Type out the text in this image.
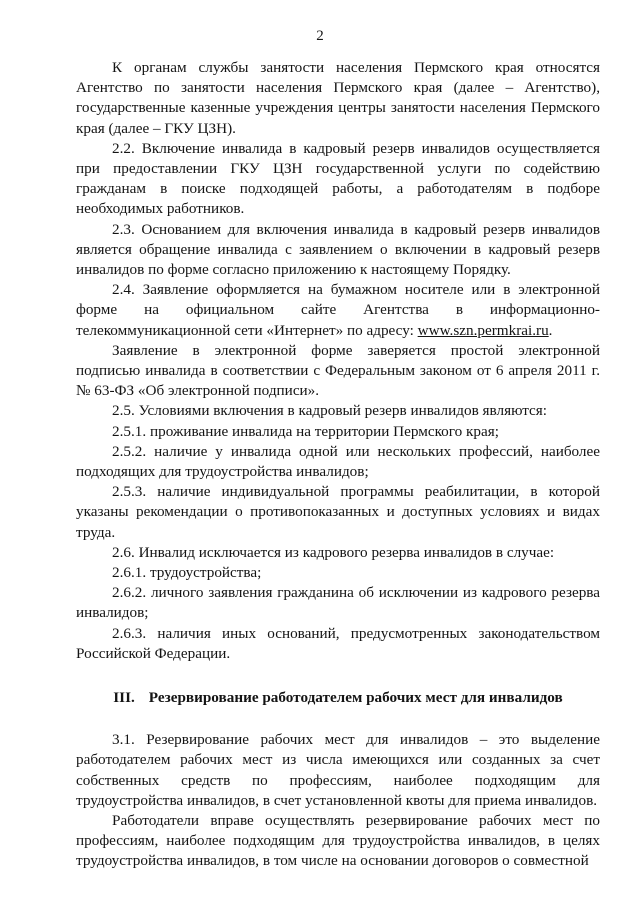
2

К органам службы занятости населения Пермского края относятся Агентство по занятости населения Пермского края (далее – Агентство), государственные казенные учреждения центры занятости населения Пермского края (далее – ГКУ ЦЗН).

2.2. Включение инвалида в кадровый резерв инвалидов осуществляется при предоставлении ГКУ ЦЗН государственной услуги по содействию гражданам в поиске подходящей работы, а работодателям в подборе необходимых работников.

2.3. Основанием для включения инвалида в кадровый резерв инвалидов является обращение инвалида с заявлением о включении в кадровый резерв инвалидов по форме согласно приложению к настоящему Порядку.

2.4. Заявление оформляется на бумажном носителе или в электронной форме на официальном сайте Агентства в информационно-телекоммуникационной сети «Интернет» по адресу: www.szn.permkrai.ru.

Заявление в электронной форме заверяется простой электронной подписью инвалида в соответствии с Федеральным законом от 6 апреля 2011 г. № 63-ФЗ «Об электронной подписи».

2.5. Условиями включения в кадровый резерв инвалидов являются:

2.5.1. проживание инвалида на территории Пермского края;

2.5.2. наличие у инвалида одной или нескольких профессий, наиболее подходящих для трудоустройства инвалидов;

2.5.3. наличие индивидуальной программы реабилитации, в которой указаны рекомендации о противопоказанных и доступных условиях и видах труда.

2.6. Инвалид исключается из кадрового резерва инвалидов в случае:

2.6.1. трудоустройства;

2.6.2. личного заявления гражданина об исключении из кадрового резерва инвалидов;

2.6.3. наличия иных оснований, предусмотренных законодательством Российской Федерации.

III. Резервирование работодателем рабочих мест для инвалидов

3.1. Резервирование рабочих мест для инвалидов – это выделение работодателем рабочих мест из числа имеющихся или созданных за счет собственных средств по профессиям, наиболее подходящим для трудоустройства инвалидов, в счет установленной квоты для приема инвалидов.

Работодатели вправе осуществлять резервирование рабочих мест по профессиям, наиболее подходящим для трудоустройства инвалидов, в целях трудоустройства инвалидов, в том числе на основании договоров о совместной
